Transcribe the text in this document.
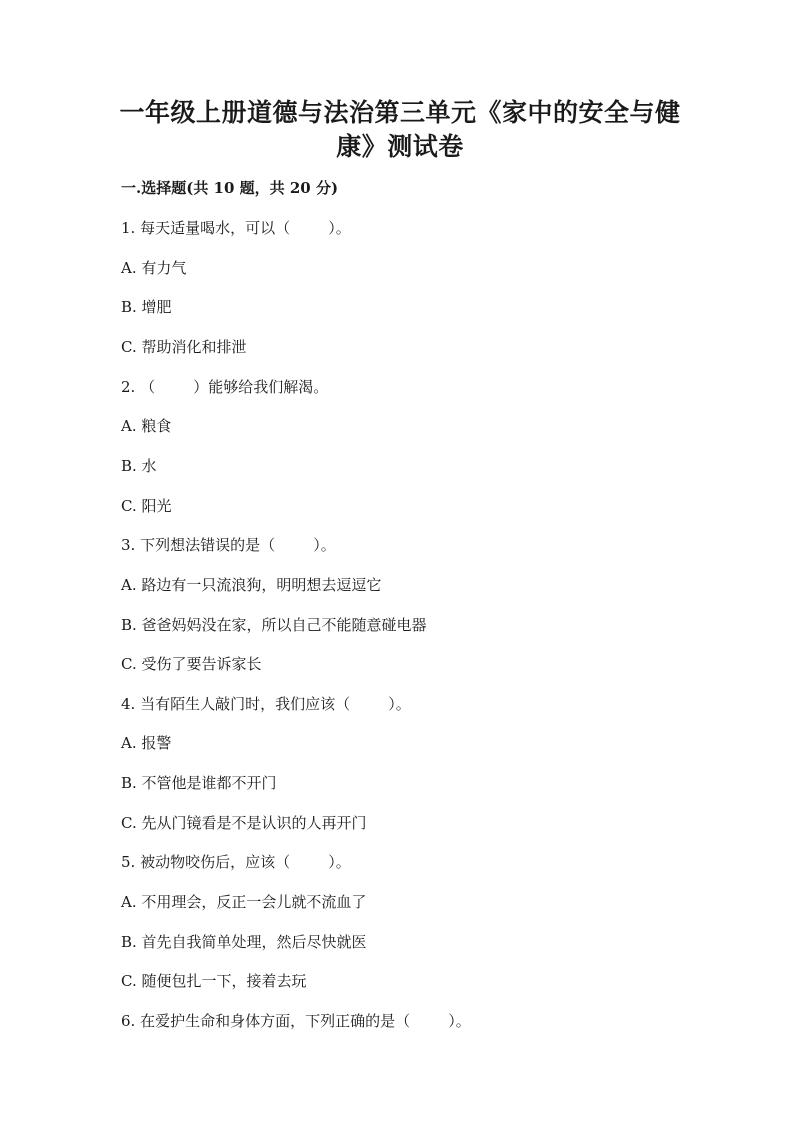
一年级上册道德与法治第三单元《家中的安全与健
康》测试卷

一.选择题(共 10 题，共 20 分)

1. 每天适量喝水，可以（        ）。

A. 有力气

B. 增肥

C. 帮助消化和排泄

2. （        ）能够给我们解渴。

A. 粮食

B. 水

C. 阳光

3. 下列想法错误的是（        ）。

A. 路边有一只流浪狗，明明想去逗逗它

B. 爸爸妈妈没在家，所以自己不能随意碰电器

C. 受伤了要告诉家长

4. 当有陌生人敲门时，我们应该（        ）。

A. 报警

B. 不管他是谁都不开门

C. 先从门镜看是不是认识的人再开门

5. 被动物咬伤后，应该（        ）。

A. 不用理会，反正一会儿就不流血了

B. 首先自我简单处理，然后尽快就医

C. 随便包扎一下，接着去玩

6. 在爱护生命和身体方面，下列正确的是（        ）。
